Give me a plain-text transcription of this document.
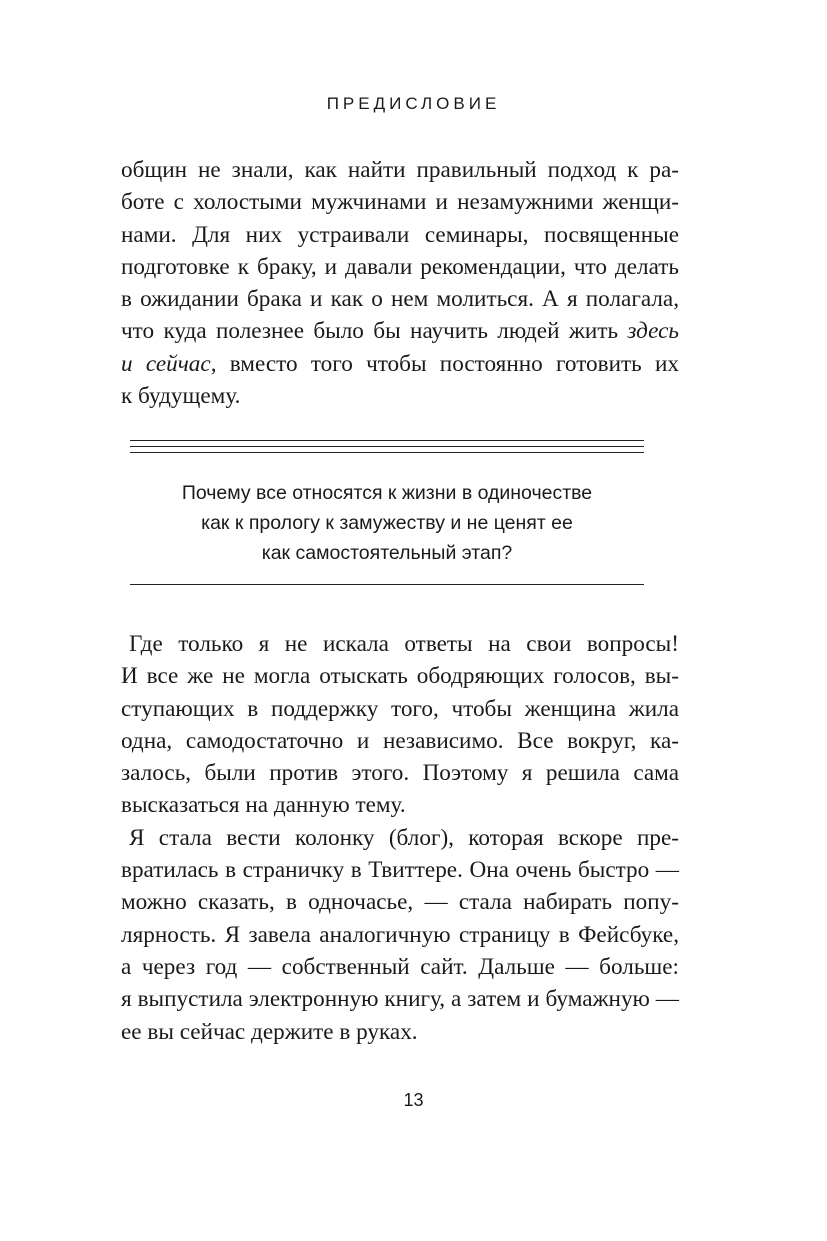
ПРЕДИСЛОВИЕ

общин не знали, как найти правильный подход к ра-
боте с холостыми мужчинами и незамужними женщи-
нами. Для них устраивали семинары, посвященные
подготовке к браку, и давали рекомендации, что делать
в ожидании брака и как о нем молиться. А я полагала,
что куда полезнее было бы научить людей жить здесь
и сейчас, вместо того чтобы постоянно готовить их
к будущему.

Почему все относятся к жизни в одиночестве
как к прологу к замужеству и не ценят ее
как самостоятельный этап?

Где только я не искала ответы на свои вопросы!
И все же не могла отыскать ободряющих голосов, вы-
ступающих в поддержку того, чтобы женщина жила
одна, самодостаточно и независимо. Все вокруг, ка-
залось, были против этого. Поэтому я решила сама
высказаться на данную тему.

Я стала вести колонку (блог), которая вскоре пре-
вратилась в страничку в Твиттере. Она очень быстро —
можно сказать, в одночасье, — стала набирать попу-
лярность. Я завела аналогичную страницу в Фейсбуке,
а через год — собственный сайт. Дальше — больше:
я выпустила электронную книгу, а затем и бумажную —
ее вы сейчас держите в руках.

13
